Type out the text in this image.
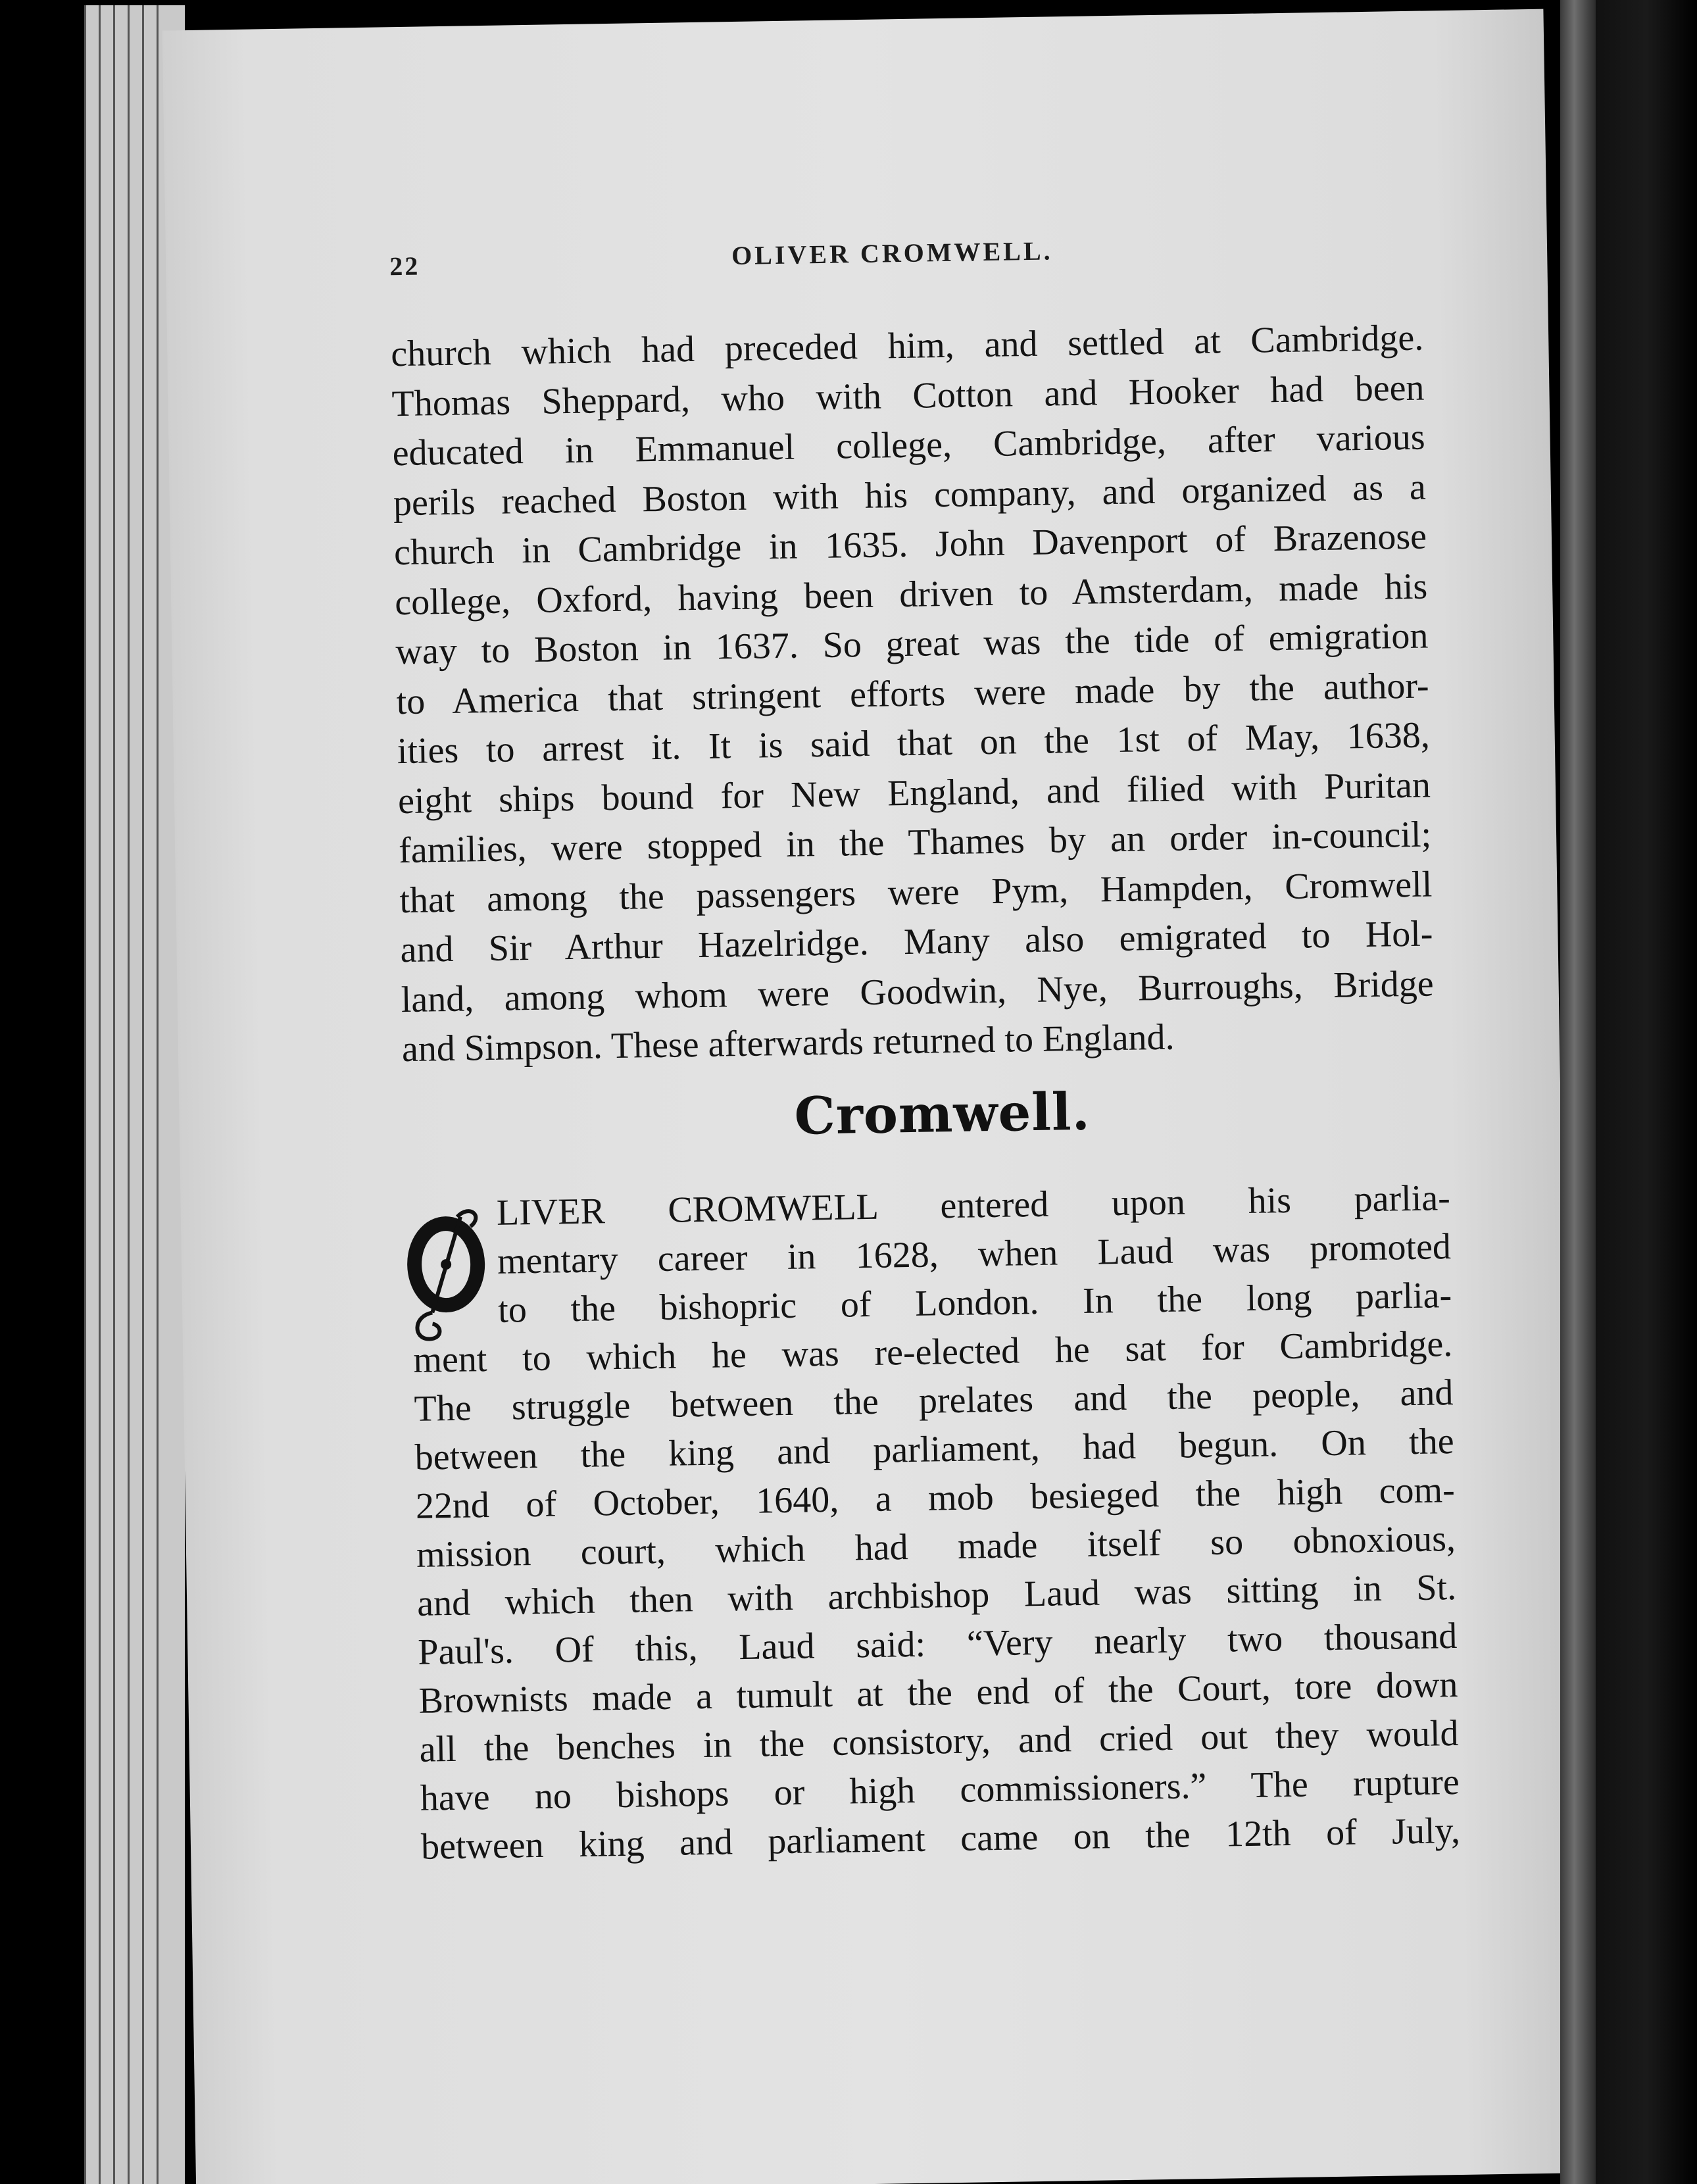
22	OLIVER CROMWELL.
church which had preceded him, and settled at Cambridge.
Thomas Sheppard, who with Cotton and Hooker had been
educated in Emmanuel college, Cambridge, after various
perils reached Boston with his company, and organized as a
church in Cambridge in 1635. John Davenport of Brazenose
college, Oxford, having been driven to Amsterdam, made his
way to Boston in 1637. So great was the tide of emigration
to America that stringent efforts were made by the author-
ities to arrest it. It is said that on the 1st of May, 1638,
eight ships bound for New England, and filied with Puritan
families, were stopped in the Thames by an order in-council;
that among the passengers were Pym, Hampden, Cromwell
and Sir Arthur Hazelridge. Many also emigrated to Hol-
land, among whom were Goodwin, Nye, Burroughs, Bridge
and Simpson. These afterwards returned to England.
Cromwell.
LIVER CROMWELL entered upon his parlia-
mentary career in 1628, when Laud was promoted
to the bishopric of London. In the long parlia-
ment to which he was re-elected he sat for Cambridge.
The struggle between the prelates and the people, and
between the king and parliament, had begun. On the
22nd of October, 1640, a mob besieged the high com-
mission court, which had made itself so obnoxious,
and which then with archbishop Laud was sitting in St.
Paul's. Of this, Laud said: “Very nearly two thousand
Brownists made a tumult at the end of the Court, tore down
all the benches in the consistory, and cried out they would
have no bishops or high commissioners.” The rupture
between king and parliament came on the 12th of July,
